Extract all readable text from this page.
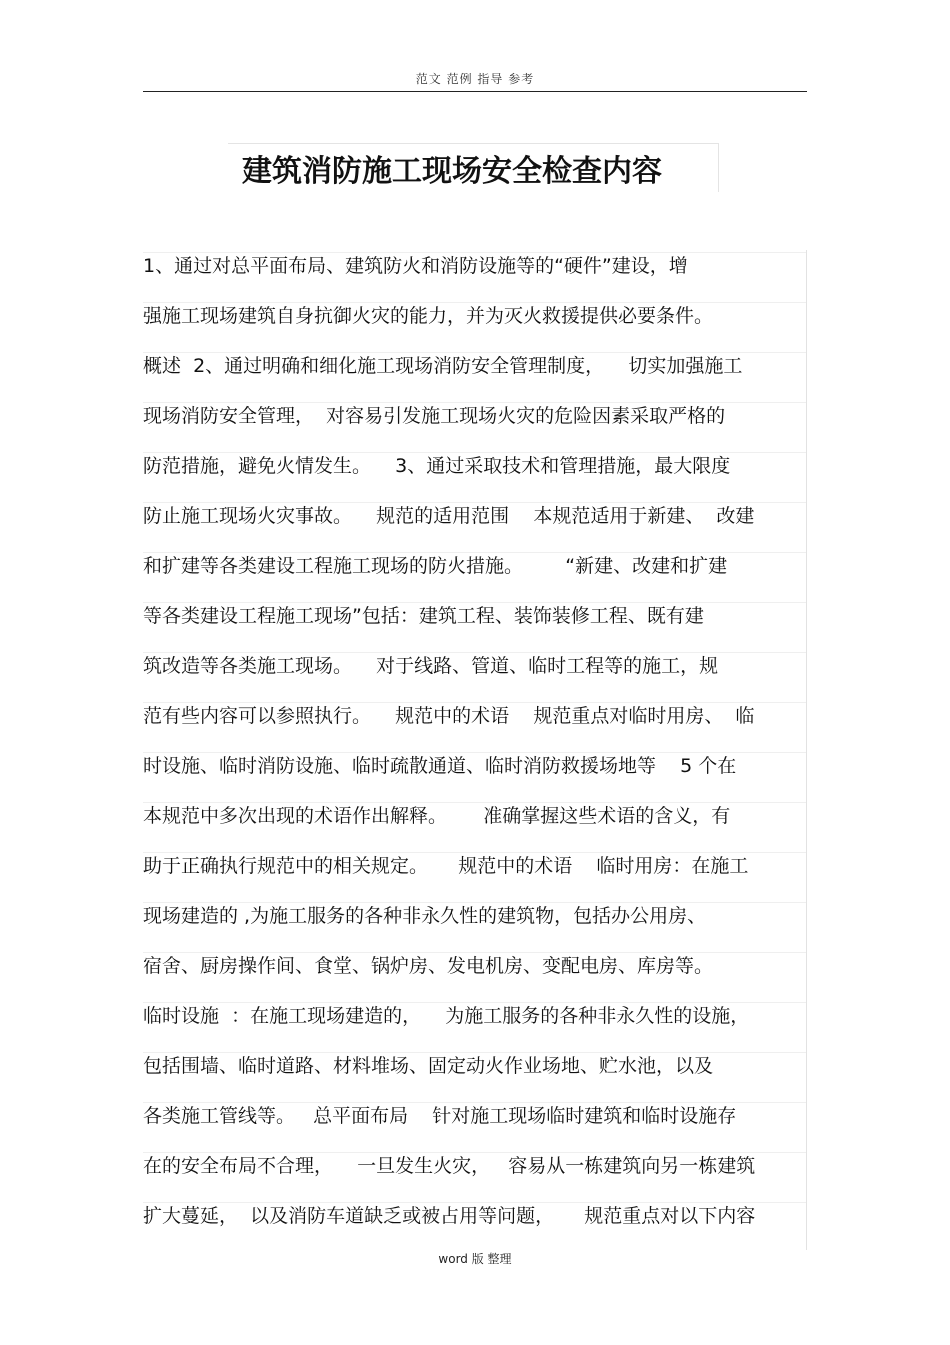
范文 范例 指导 参考
建筑消防施工现场安全检查内容
1、通过对总平面布局、建筑防火和消防设施等的“硬件”建设，增
强施工现场建筑自身抗御火灾的能力，并为灭火救援提供必要条件。
概述  2、通过明确和细化施工现场消防安全管理制度，    切实加强施工
现场消防安全管理，  对容易引发施工现场火灾的危险因素采取严格的
防范措施，避免火情发生。    3、通过采取技术和管理措施，最大限度
防止施工现场火灾事故。    规范的适用范围    本规范适用于新建、  改建
和扩建等各类建设工程施工现场的防火措施。       “新建、改建和扩建
等各类建设工程施工现场”包括：建筑工程、装饰装修工程、既有建
筑改造等各类施工现场。    对于线路、管道、临时工程等的施工，规
范有些内容可以参照执行。    规范中的术语    规范重点对临时用房、  临
时设施、临时消防设施、临时疏散通道、临时消防救援场地等    5 个在
本规范中多次出现的术语作出解释。      准确掌握这些术语的含义，有
助于正确执行规范中的相关规定。     规范中的术语    临时用房：在施工
现场建造的 ,为施工服务的各种非永久性的建筑物，包括办公用房、
宿舍、厨房操作间、食堂、锅炉房、发电机房、变配电房、库房等。
临时设施  ：在施工现场建造的，    为施工服务的各种非永久性的设施，
包括围墙、临时道路、材料堆场、固定动火作业场地、贮水池，以及
各类施工管线等。   总平面布局    针对施工现场临时建筑和临时设施存
在的安全布局不合理，    一旦发生火灾，   容易从一栋建筑向另一栋建筑
扩大蔓延，  以及消防车道缺乏或被占用等问题，     规范重点对以下内容
word 版 整理
